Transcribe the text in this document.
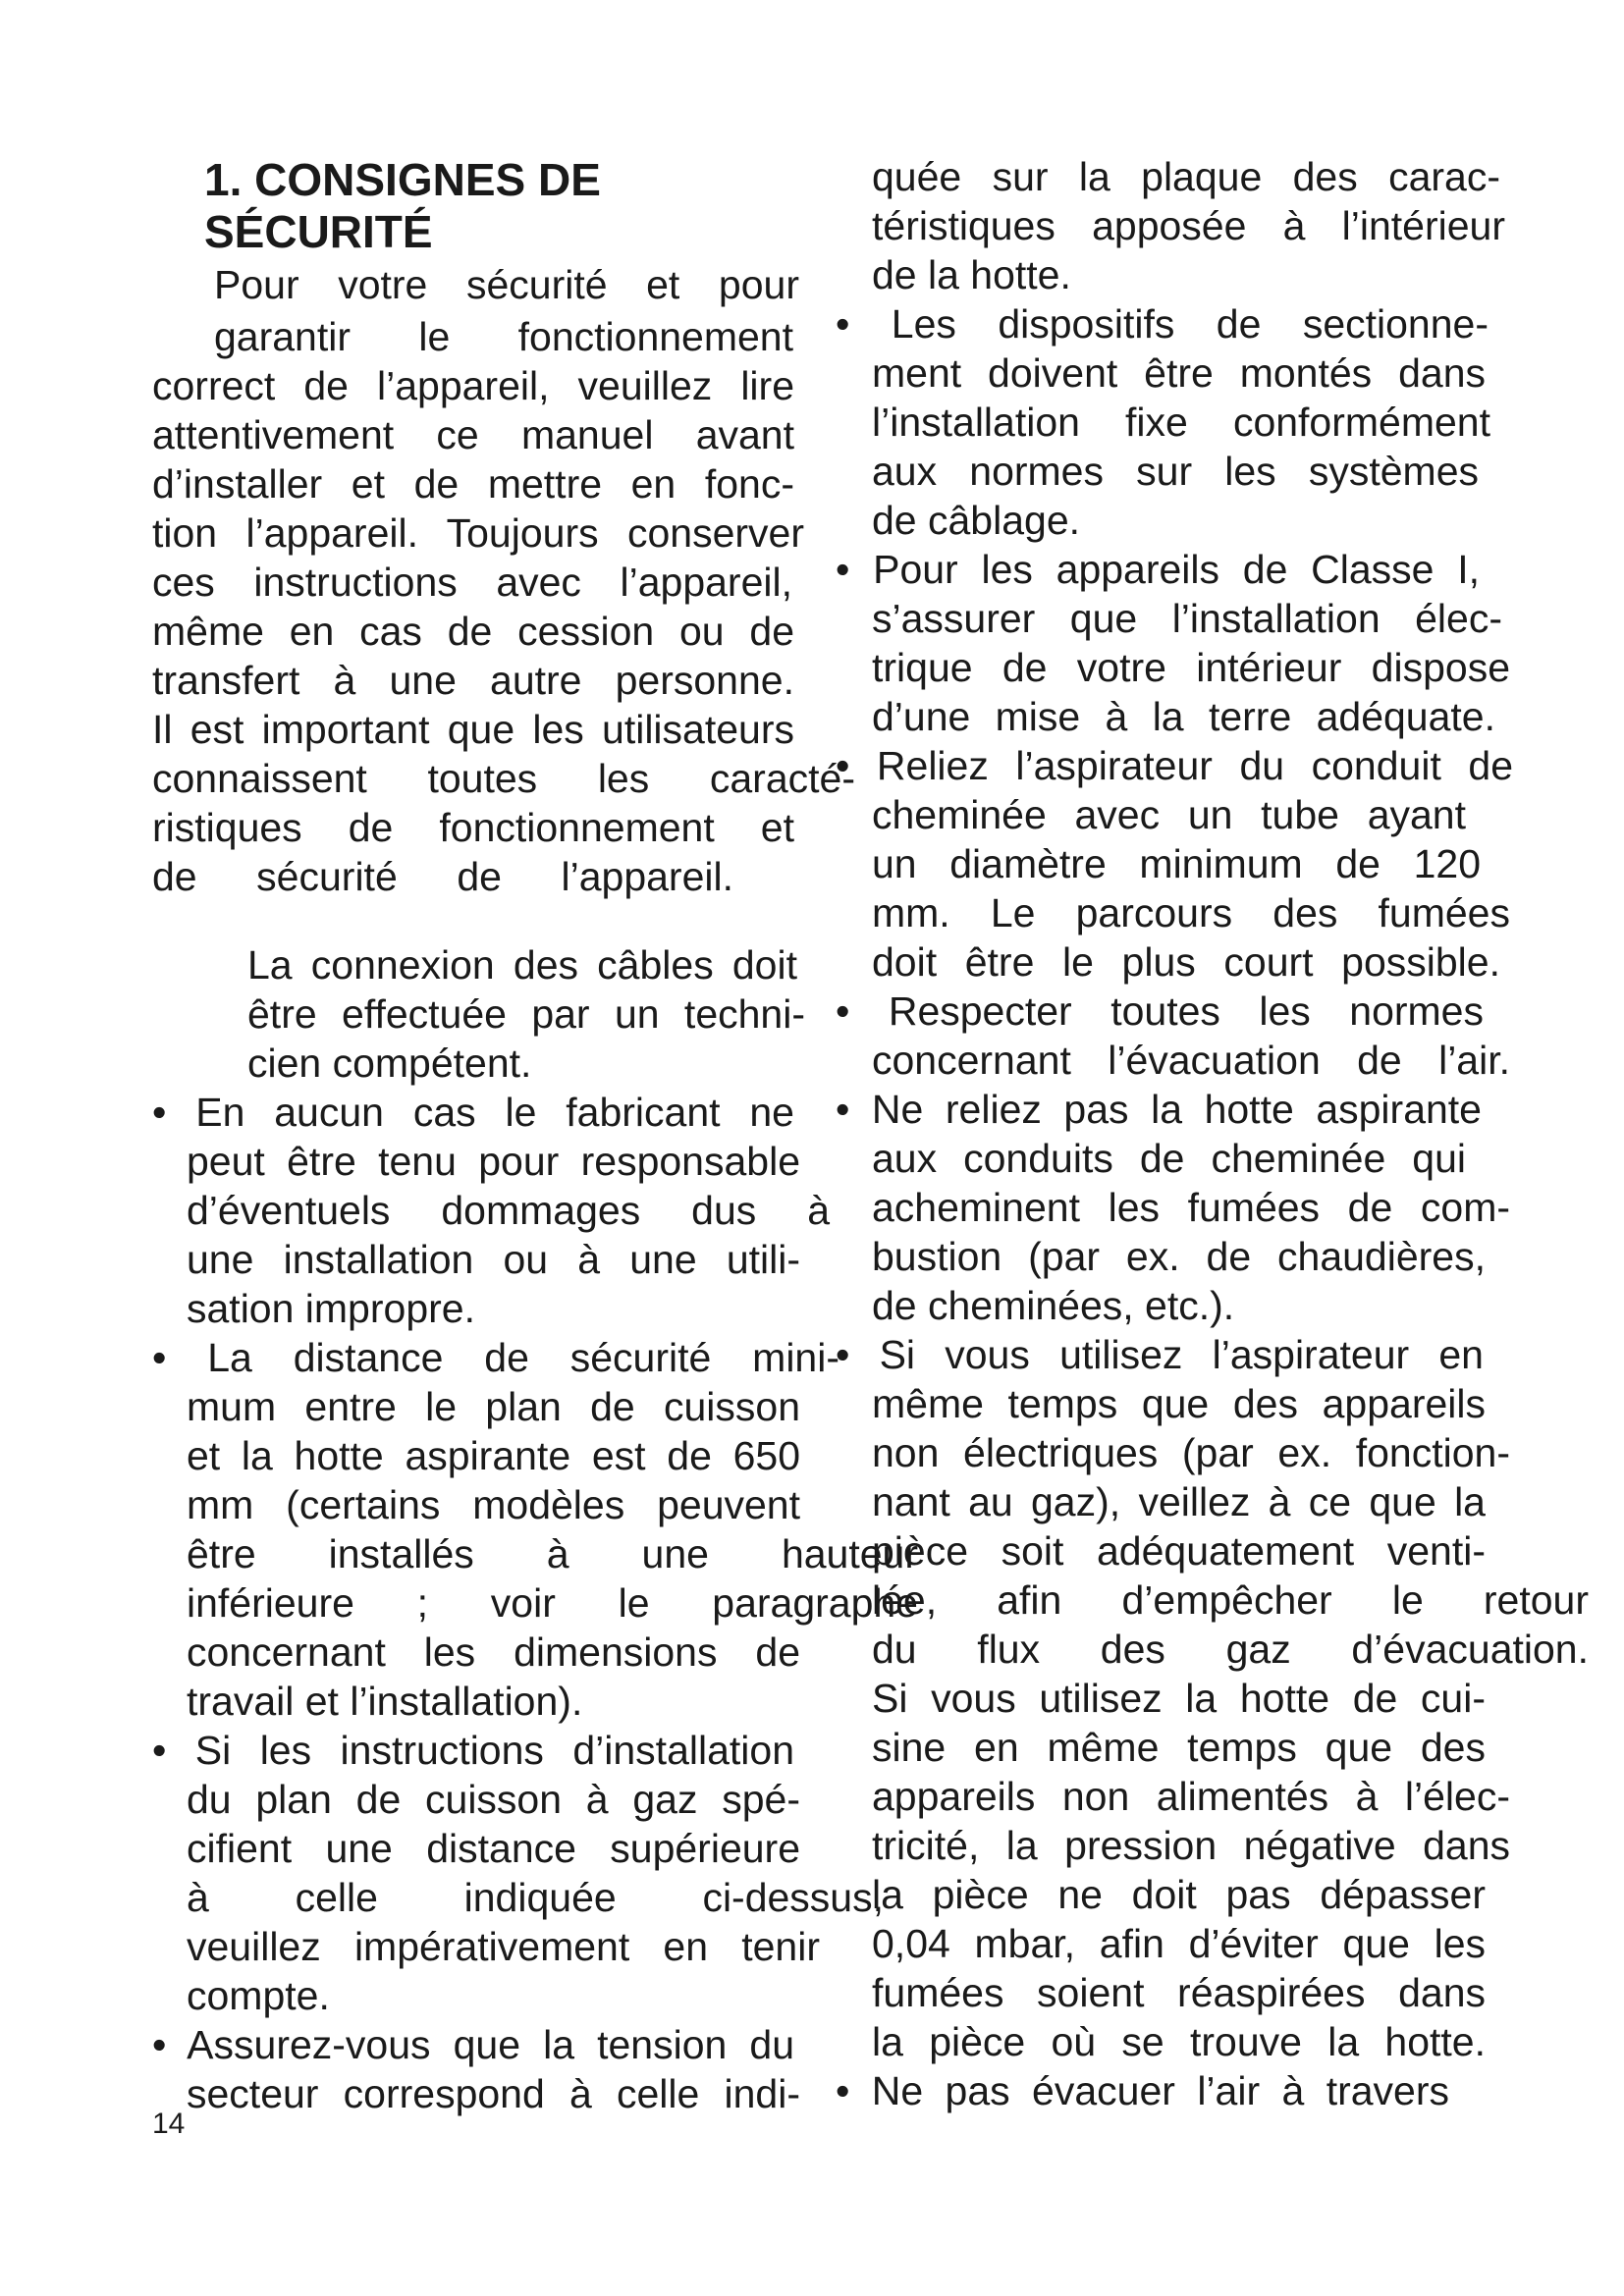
1. CONSIGNES DE
SÉCURITÉ
Pour votre sécurité et pour
garantir le fonctionnement
correct de l’appareil, veuillez lire
attentivement ce manuel avant
d’installer et de mettre en fonc-
tion l’appareil. Toujours conserver
ces instructions avec l’appareil,
même en cas de cession ou de
transfert à une autre personne.
Il est important que les utilisateurs
connaissent toutes les caracté-
ristiques de fonctionnement et
de sécurité de l’appareil.
La connexion des câbles doit
être effectuée par un techni-
cien compétent.
• En aucun cas le fabricant ne
peut être tenu pour responsable
d’éventuels dommages dus à
une installation ou à une utili-
sation impropre.
• La distance de sécurité mini-
mum entre le plan de cuisson
et la hotte aspirante est de 650
mm (certains modèles peuvent
être installés à une hauteur
inférieure ; voir le paragraphe
concernant les dimensions de
travail et l’installation).
• Si les instructions d’installation
du plan de cuisson à gaz spé-
cifient une distance supérieure
à celle indiquée ci-dessus,
veuillez impérativement en tenir
compte.
• Assurez-vous que la tension du
secteur correspond à celle indi-
quée sur la plaque des carac-
téristiques apposée à l’intérieur
de la hotte.
• Les dispositifs de sectionne-
ment doivent être montés dans
l’installation fixe conformément
aux normes sur les systèmes
de câblage.
• Pour les appareils de Classe I,
s’assurer que l’installation élec-
trique de votre intérieur dispose
d’une mise à la terre adéquate.
• Reliez l’aspirateur du conduit de
cheminée avec un tube ayant
un diamètre minimum de 120
mm. Le parcours des fumées
doit être le plus court possible.
• Respecter toutes les normes
concernant l’évacuation de l’air.
• Ne reliez pas la hotte aspirante
aux conduits de cheminée qui
acheminent les fumées de com-
bustion (par ex. de chaudières,
de cheminées, etc.).
• Si vous utilisez l’aspirateur en
même temps que des appareils
non électriques (par ex. fonction-
nant au gaz), veillez à ce que la
pièce soit adéquatement venti-
lée, afin d’empêcher le retour
du flux des gaz d’évacuation.
Si vous utilisez la hotte de cui-
sine en même temps que des
appareils non alimentés à l’élec-
tricité, la pression négative dans
la pièce ne doit pas dépasser
0,04 mbar, afin d’éviter que les
fumées soient réaspirées dans
la pièce où se trouve la hotte.
• Ne pas évacuer l’air à travers
14
